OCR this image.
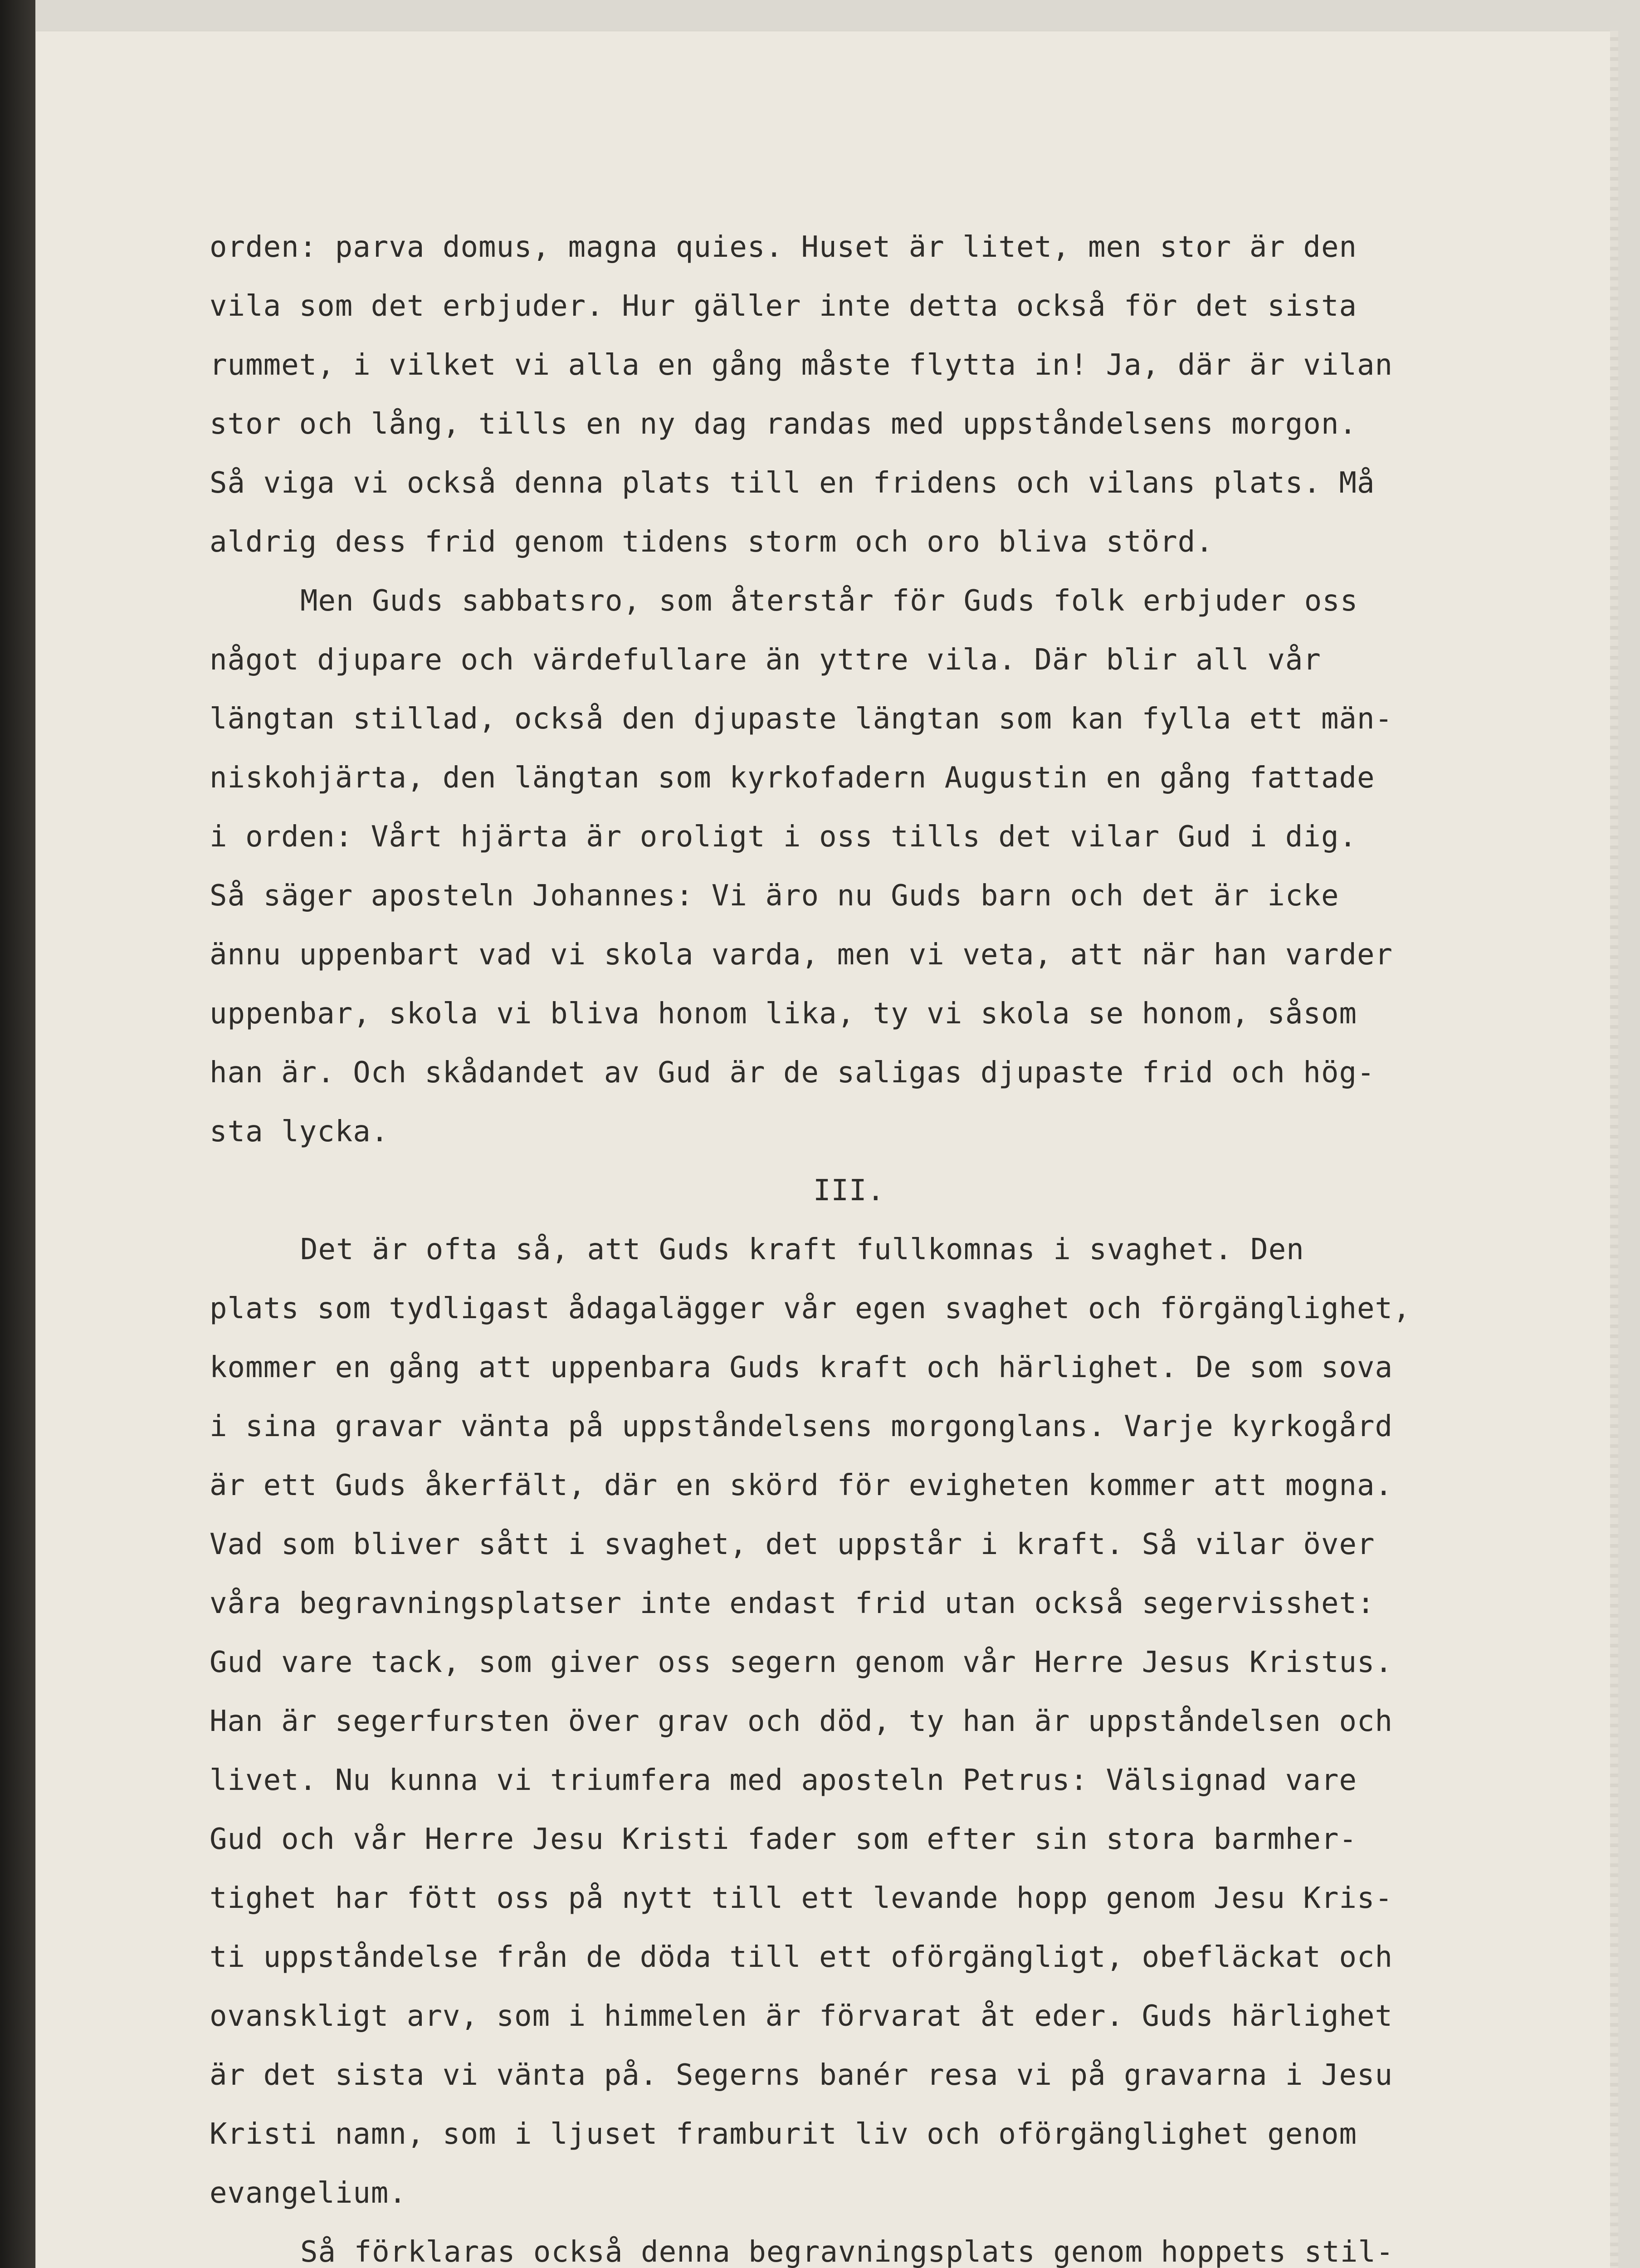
orden: parva domus, magna quies. Huset är litet, men stor är den
vila som det erbjuder. Hur gäller inte detta också för det sista
rummet, i vilket vi alla en gång måste flytta in! Ja, där är vilan
stor och lång, tills en ny dag randas med uppståndelsens morgon.
Så viga vi också denna plats till en fridens och vilans plats. Må
aldrig dess frid genom tidens storm och oro bliva störd.
Men Guds sabbatsro, som återstår för Guds folk erbjuder oss
något djupare och värdefullare än yttre vila. Där blir all vår
längtan stillad, också den djupaste längtan som kan fylla ett män-
niskohjärta, den längtan som kyrkofadern Augustin en gång fattade
i orden: Vårt hjärta är oroligt i oss tills det vilar Gud i dig.
Så säger aposteln Johannes: Vi äro nu Guds barn och det är icke
ännu uppenbart vad vi skola varda, men vi veta, att när han varder
uppenbar, skola vi bliva honom lika, ty vi skola se honom, såsom
han är. Och skådandet av Gud är de saligas djupaste frid och hög-
sta lycka.
III.
Det är ofta så, att Guds kraft fullkomnas i svaghet. Den
plats som tydligast ådagalägger vår egen svaghet och förgänglighet,
kommer en gång att uppenbara Guds kraft och härlighet. De som sova
i sina gravar vänta på uppståndelsens morgonglans. Varje kyrkogård
är ett Guds åkerfält, där en skörd för evigheten kommer att mogna.
Vad som bliver sått i svaghet, det uppstår i kraft. Så vilar över
våra begravningsplatser inte endast frid utan också segervisshet:
Gud vare tack, som giver oss segern genom vår Herre Jesus Kristus.
Han är segerfursten över grav och död, ty han är uppståndelsen och
livet. Nu kunna vi triumfera med aposteln Petrus: Välsignad vare
Gud och vår Herre Jesu Kristi fader som efter sin stora barmher-
tighet har fött oss på nytt till ett levande hopp genom Jesu Kris-
ti uppståndelse från de döda till ett oförgängligt, obefläckat och
ovanskligt arv, som i himmelen är förvarat åt eder. Guds härlighet
är det sista vi vänta på. Segerns banér resa vi på gravarna i Jesu
Kristi namn, som i ljuset framburit liv och oförgänglighet genom
evangelium.
Så förklaras också denna begravningsplats genom hoppets stil-
